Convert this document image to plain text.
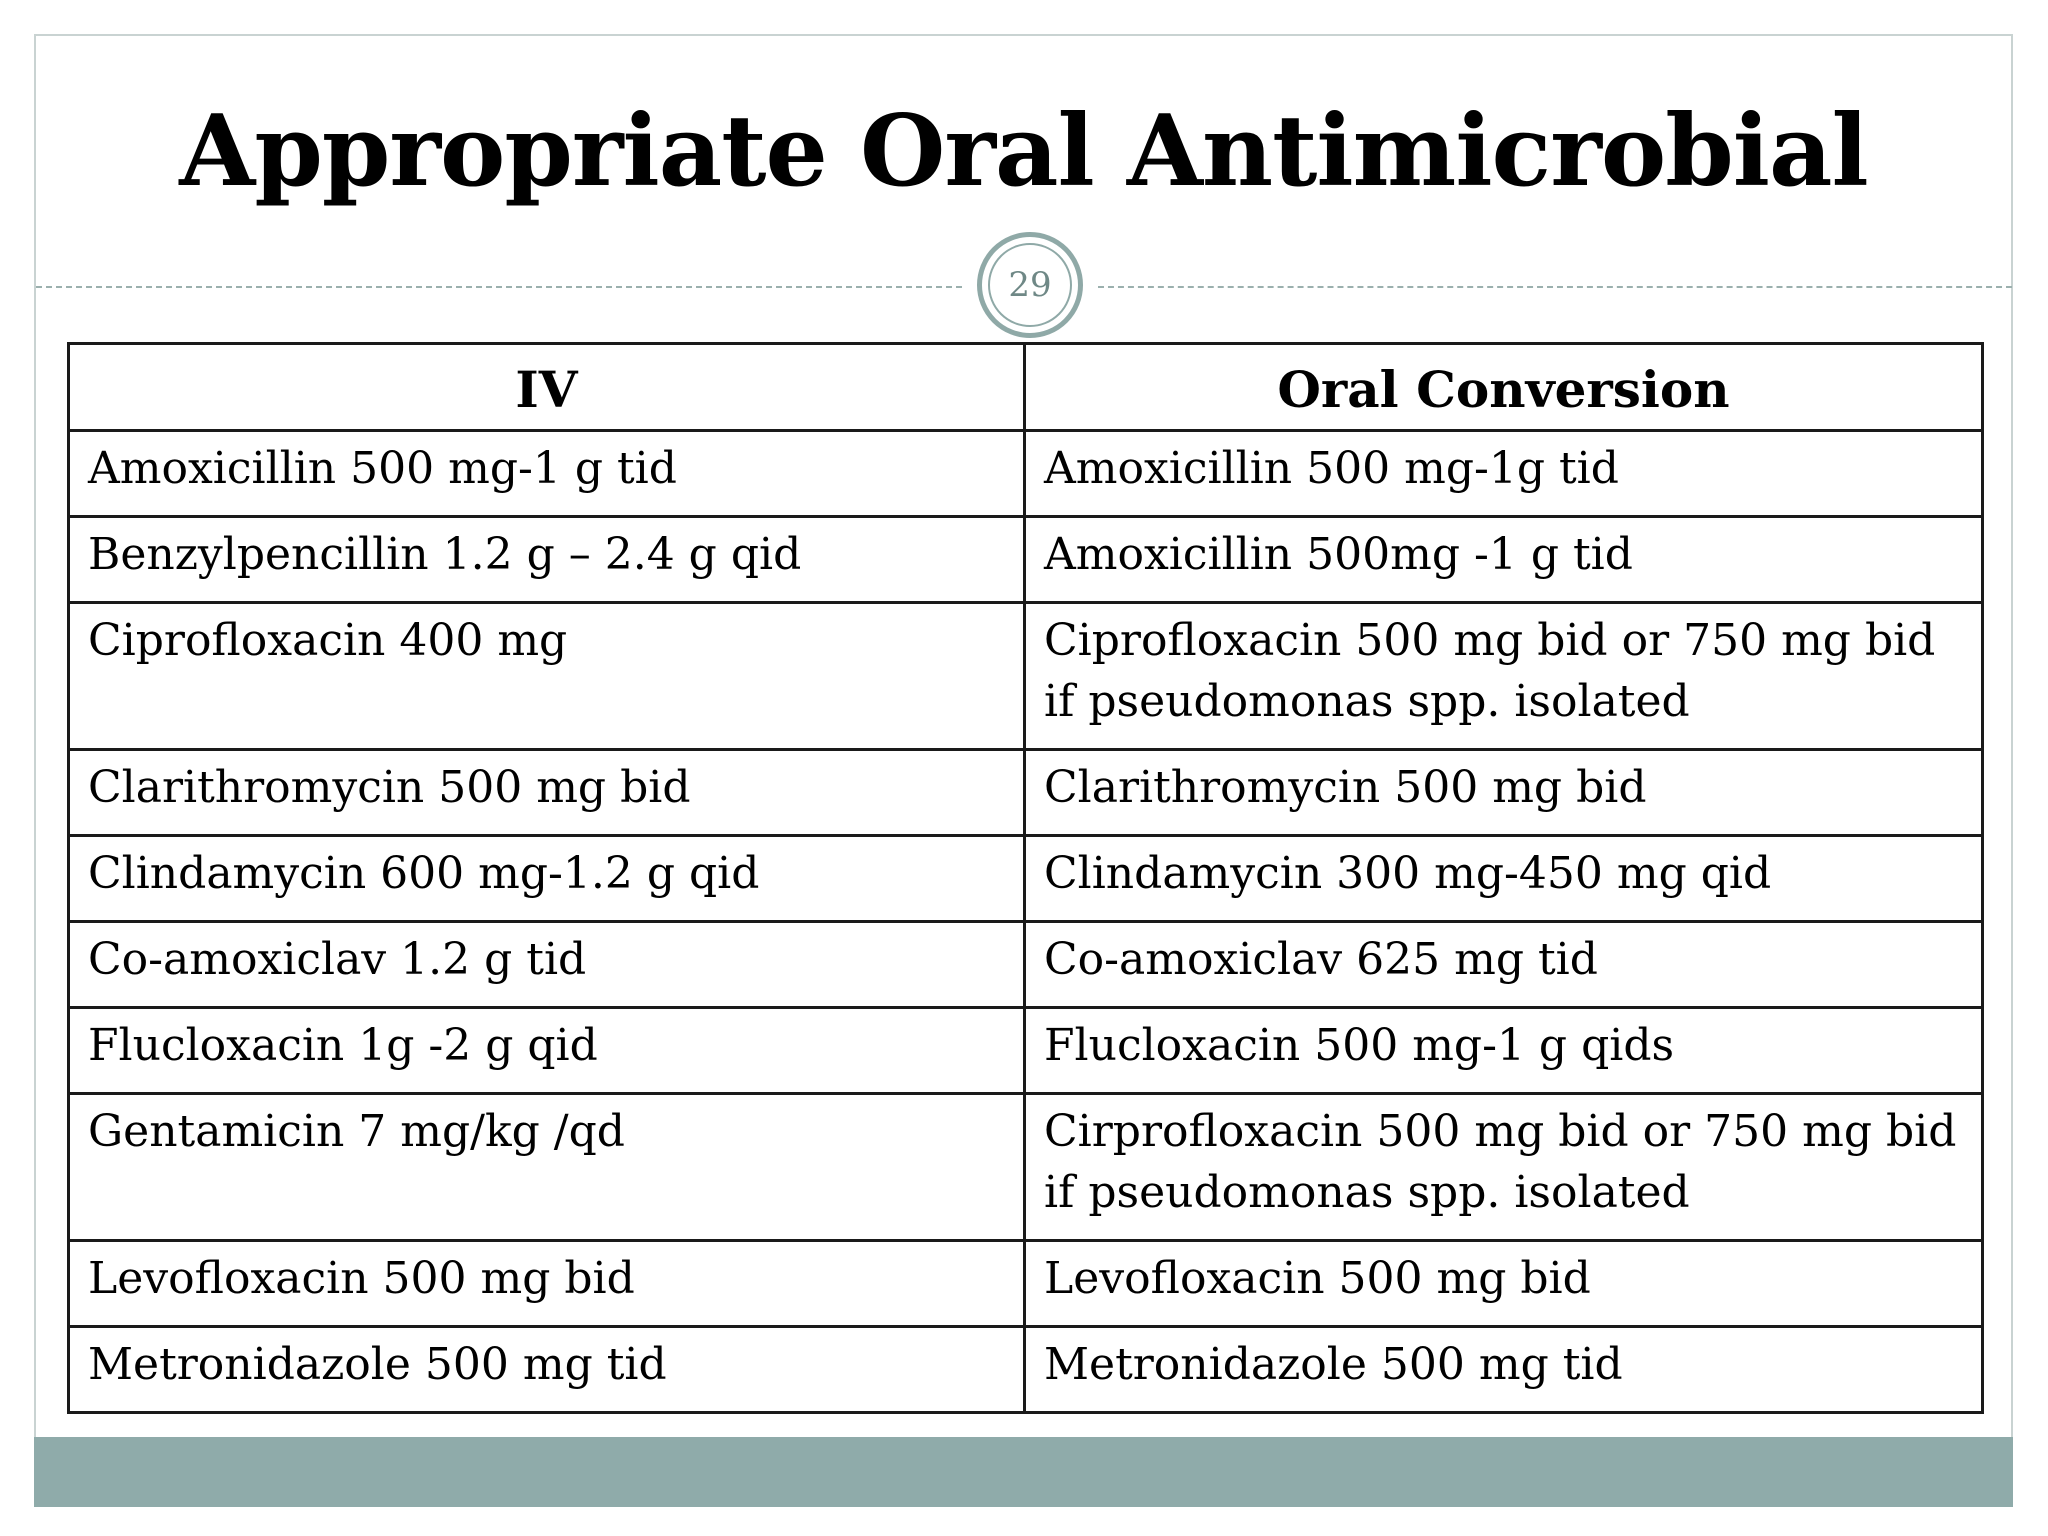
Appropriate Oral Antimicrobial
29
IV	Oral Conversion
Amoxicillin 500 mg-1 g tid	Amoxicillin 500 mg-1g tid
Benzylpencillin 1.2 g – 2.4 g qid	Amoxicillin 500mg -1 g tid
Ciprofloxacin 400 mg	Ciprofloxacin 500 mg bid or 750 mg bid if pseudomonas spp. isolated
Clarithromycin 500 mg bid	Clarithromycin 500 mg bid
Clindamycin 600 mg-1.2 g qid	Clindamycin 300 mg-450 mg qid
Co-amoxiclav 1.2 g tid	Co-amoxiclav 625 mg tid
Flucloxacin 1g -2 g qid	Flucloxacin 500 mg-1 g qids
Gentamicin 7 mg/kg /qd	Cirprofloxacin 500 mg bid or 750 mg bid if pseudomonas spp. isolated
Levofloxacin 500 mg bid	Levofloxacin 500 mg bid
Metronidazole 500 mg tid	Metronidazole 500 mg tid
